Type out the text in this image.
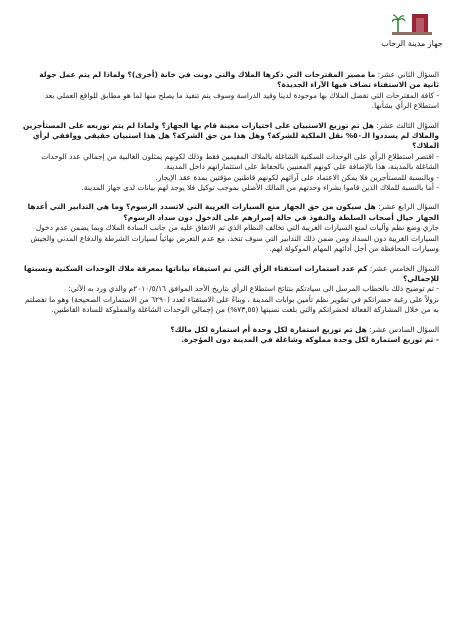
جهاز مدينة الرحاب

السؤال الثاني عشر: ما مصير المقترحات التي ذكرها الملاك والتي دونت في خانة (أخرى)؟ ولماذا لم يتم عمل جولة ثانية من الاستفتاء تضاف فيها الآراء الجديدة؟

- كافة المقترحات التي تفضل الملاك بها موجودة لدينا وقيد الدراسة وسوف يتم تنفيذ ما يصلح منها لما هو مطابق للواقع العملي بعد استطلاع الرأي بشأنها.

السؤال الثالث عشر: هل تم توزيع الاستبيان على اختيارات معينة قام بها الجهاز؟ ولماذا لم يتم توزيعه على المستأجرين والملاك لم يسددوا الـ٥٠% نقل الملكية للشركة؟ وهل هذا من حق الشركة؟ هل هذا استبيان حقيقي ووافقي لرأي الملاك؟

- اقتصر استطلاع الرأي على الوحدات السكنية الشاغلة بالملاك المقيمين فقط وذلك لكونهم يمثلون الغالبية من إجمالي عدد الوحدات الشاغلة بالمدينة، هذا بالإضافة على كونهم المعنيين بالحفاظ على استثماراتهم داخل المدينة.

- وبالنسبة للمستأجرين فلا يمكن الاعتماد على آرائهم لكونهم قاطنين مؤقتين بمدة عقد الإيجار.

- أما بالنسبة للملاك الذين قاموا بشراء وحدتهم من المالك الأصلي بموجب توكيل فلا يوجد لهم بيانات لدى جهاز المدينة.

السؤال الرابع عشر: هل سيكون من حق الجهاز منع السيارات الغريبة التي لاتسدد الرسوم؟ وما هي التدابير التي أعدها الجهاز حيال أصحاب السلطة والنفوذ في حالة إصرارهم على الدخول دون سداد الرسوم؟

جاري وضع نظم وآليات لمنع السيارات الغريبة التي تخالف النظام الذي تم الاتفاق عليه من جانب السادة الملاك وبما يضمن عدم دخول السيارات الغريبة دون السداد ومن ضمن ذلك التدابير التي سوف تتخذ، مع عدم التعرض نهائياً لسيارات الشرطة والدفاع المدني والجيش وسيارات المحافظة من أجل أدائهم المهام الموكولة لهم.

السؤال الخامس عشر: كم عدد استمارات استفتاء الرأي التي تم استيفاء بياناتها بمعرفة ملاك الوحدات السكنية ونسبتها للإجمالي؟

- تم توضيح ذلك بالخطاب المرسل الى سيادتكم بنتائج استطلاع الرأي بتاريخ الأحد الموافق ٢٠١٠/٥/١٦م والذي ورد به الآتي:

نزولاً على رغبة حضراتكم في تطوير نظم تأمين بوابات المدينة ، وبناءً على الاستفتاء لعدد (٦٢٩٠ من الاستمارات الصحيحة) وهو ما تفضلتم به من خلال المشاركة الفعالة لحضراتكم والتي بلغت نسبتها (٧٣,٥٥%) من إجمالي الوحدات الشاغلة والمملوكة للسادة القاطنين.

السؤال السادس عشر: هل تم توزيع استمارة لكل وحدة أم استمارة لكل مالك؟

- تم توزيع استمارة لكل وحدة مملوكة وشاغلة في المدينة دون المؤجرة.
